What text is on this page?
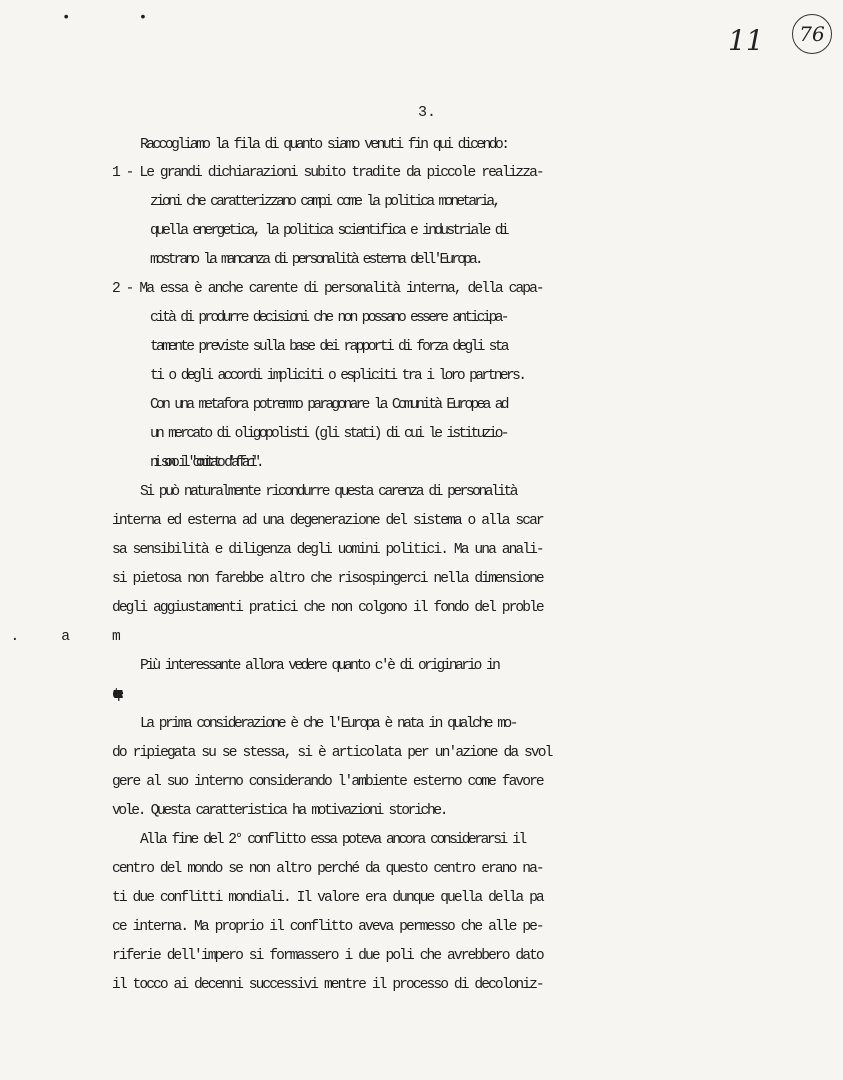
• •
11 76
3.
Raccogliamo la fila di quanto siamo venuti fin qui dicendo:
1 - Le grandi dichiarazioni subito tradite da piccole realizza-
zioni che caratterizzano campi come la politica monetaria,
quella energetica, la politica scientifica e industriale di
mostrano la mancanza di personalità esterna dell'Europa.
2 - Ma essa è anche carente di personalità interna, della capa-
cità di produrre decisioni che non possano essere anticipa-
tamente previste sulla base dei rapporti di forza degli sta
ti o degli accordi impliciti o espliciti tra i loro partners.
Con una metafora potremmo paragonare la Comunità Europea ad
un mercato di oligopolisti (gli stati) di cui le istituzio-
ni sono il "comitato d'affari".
Si può naturalmente ricondurre questa carenza di personalità
interna ed esterna ad una degenerazione del sistema o alla scar
sa sensibilità e diligenza degli uomini politici. Ma una anali-
si pietosa non farebbe altro che risospingerci nella dimensione
degli aggiustamenti pratici che non colgono il fondo del proble
Più interessante allora vedere quanto c'è di originario in
queste carenze.
La prima considerazione è che l'Europa è nata in qualche mo-
do ripiegata su se stessa, si è articolata per un'azione da svol
gere al suo interno considerando l'ambiente esterno come favore
vole. Questa caratteristica ha motivazioni storiche.
Alla fine del 2° conflitto essa poteva ancora considerarsi il
centro del mondo se non altro perché da questo centro erano na-
ti due conflitti mondiali. Il valore era dunque quella della pa
ce interna. Ma proprio il conflitto aveva permesso che alle pe-
riferie dell'impero si formassero i due poli che avrebbero dato
il tocco ai decenni successivi mentre il processo di decoloniz-
